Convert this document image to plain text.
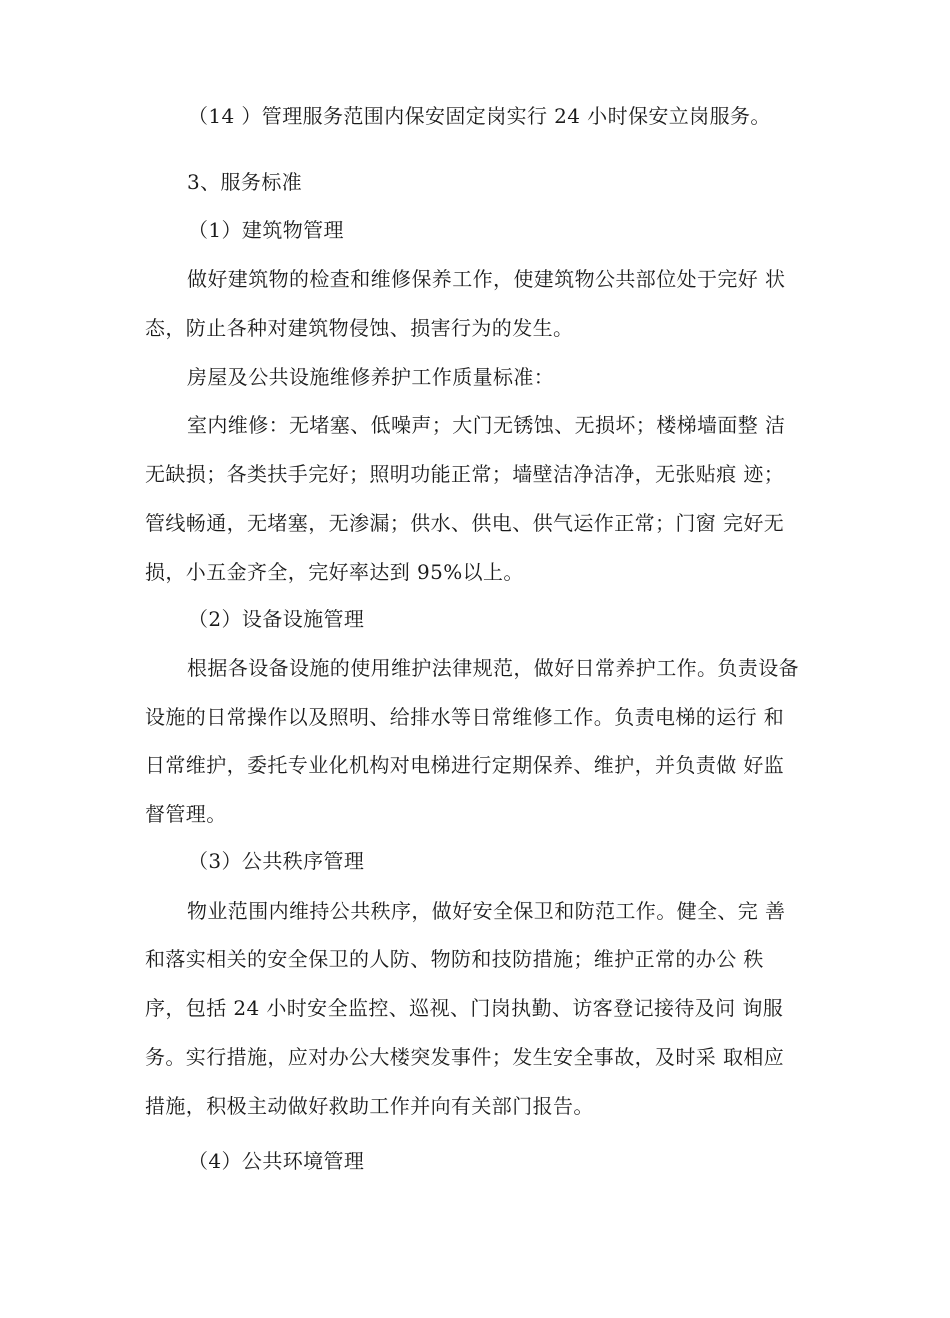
（14 ）管理服务范围内保安固定岗实行 24 小时保安立岗服务。
3、服务标准
（1）建筑物管理
做好建筑物的检查和维修保养工作，使建筑物公共部位处于完好 状
态，防止各种对建筑物侵蚀、损害行为的发生。
房屋及公共设施维修养护工作质量标准：
室内维修：无堵塞、低噪声；大门无锈蚀、无损坏；楼梯墙面整 洁
无缺损；各类扶手完好；照明功能正常；墙壁洁净洁净，无张贴痕 迹；
管线畅通，无堵塞，无渗漏；供水、供电、供气运作正常；门窗 完好无
损，小五金齐全，完好率达到 95%以上。
（2）设备设施管理
根据各设备设施的使用维护法律规范，做好日常养护工作。负责设备
设施的日常操作以及照明、给排水等日常维修工作。负责电梯的运行 和
日常维护，委托专业化机构对电梯进行定期保养、维护，并负责做 好监
督管理。
（3）公共秩序管理
物业范围内维持公共秩序，做好安全保卫和防范工作。健全、完 善
和落实相关的安全保卫的人防、物防和技防措施；维护正常的办公 秩
序，包括 24 小时安全监控、巡视、门岗执勤、访客登记接待及问 询服
务。实行措施，应对办公大楼突发事件；发生安全事故，及时采 取相应
措施，积极主动做好救助工作并向有关部门报告。
（4）公共环境管理
